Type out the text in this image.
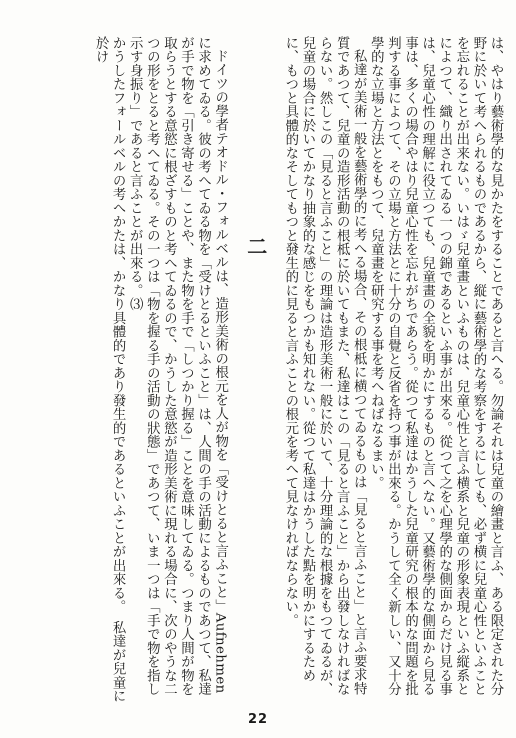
は、やはり藝術學的な見かたをすることであると言へる。勿論それは兒童の繪畫と言ふ、ある限定された分野に於いて考へられるものであるから、縦に藝術學的な考察をするにしても、必ず横に兒童心性といふことを忘れることが出来ない。いはゞ兒童畫といふものは、兒童心性と言ふ横系と兒童の形象表現といふ縦系とによつて、織り出されてゐる一つの錦であるといふ事が出來る。從つて之を心理學的な側面からだけ見る事は、兒童心性の理解に役立つても、兒童畫の全貌を明かにするものと言へない。又藝術學的な側面から見る事は、多くの場合やはり兒童心性を忘れがちであらう。從つて私達はかうした兒童研究の根本的な問題を批判する事によつて、その立場と方法とに十分の自覺と反省を持つ事が出來る。かうして全く新しい、又十分學的な立場と方法とをもつて、兒童畫を研究する事を考へねばなるまい。

私達が美術一般を藝術學的に考へる場合、その根柢に横つてゐるものは「見ると言ふこと」と言ふ要求特質であつて、兒童の造形活動の根柢に於いてもまた、私達はこの「見ると言ふこと」から出發しなければならない。然しこの「見ると言ふこと」の理論は造形美術一般に於いて、十分理論的な根據をもつてゐるが、兒童の場合に於いてかなり抽象的な感じをもつかも知れない。從つて私達はかうした點を明かにするために、もつと具體的なそしてもつと發生的に見ると言ふことの根元を考へて見なければならない。

二

ドイツの學者テオドル・フォルベルは、造形美術の根元を人が物を「受けとると言ふこと」Aufnehmen に求めてゐる。彼の考へてゐる物を「受けとるといふこと」は、人間の手の活動によるものであつて、私達が手で物を「引き寄せる」ことや、また物を手で「しつかり握る」ことを意味してゐる。つまり人間が物を取らうとする意慾に根ざすものと考へてゐるので、かうした意慾が造形美術に現れる場合に、次のやうな二つの形をとると考へてゐる。その一つは「物を握る手の活動の狀態」であつて、いま一つは「手で物を指し示す身振り」であると言ふことが出來る。⑶

かうしたフォールベルの考へかたは、かなり具體的であり發生的であるといふことが出來る。　私達が兒童に於け

22
